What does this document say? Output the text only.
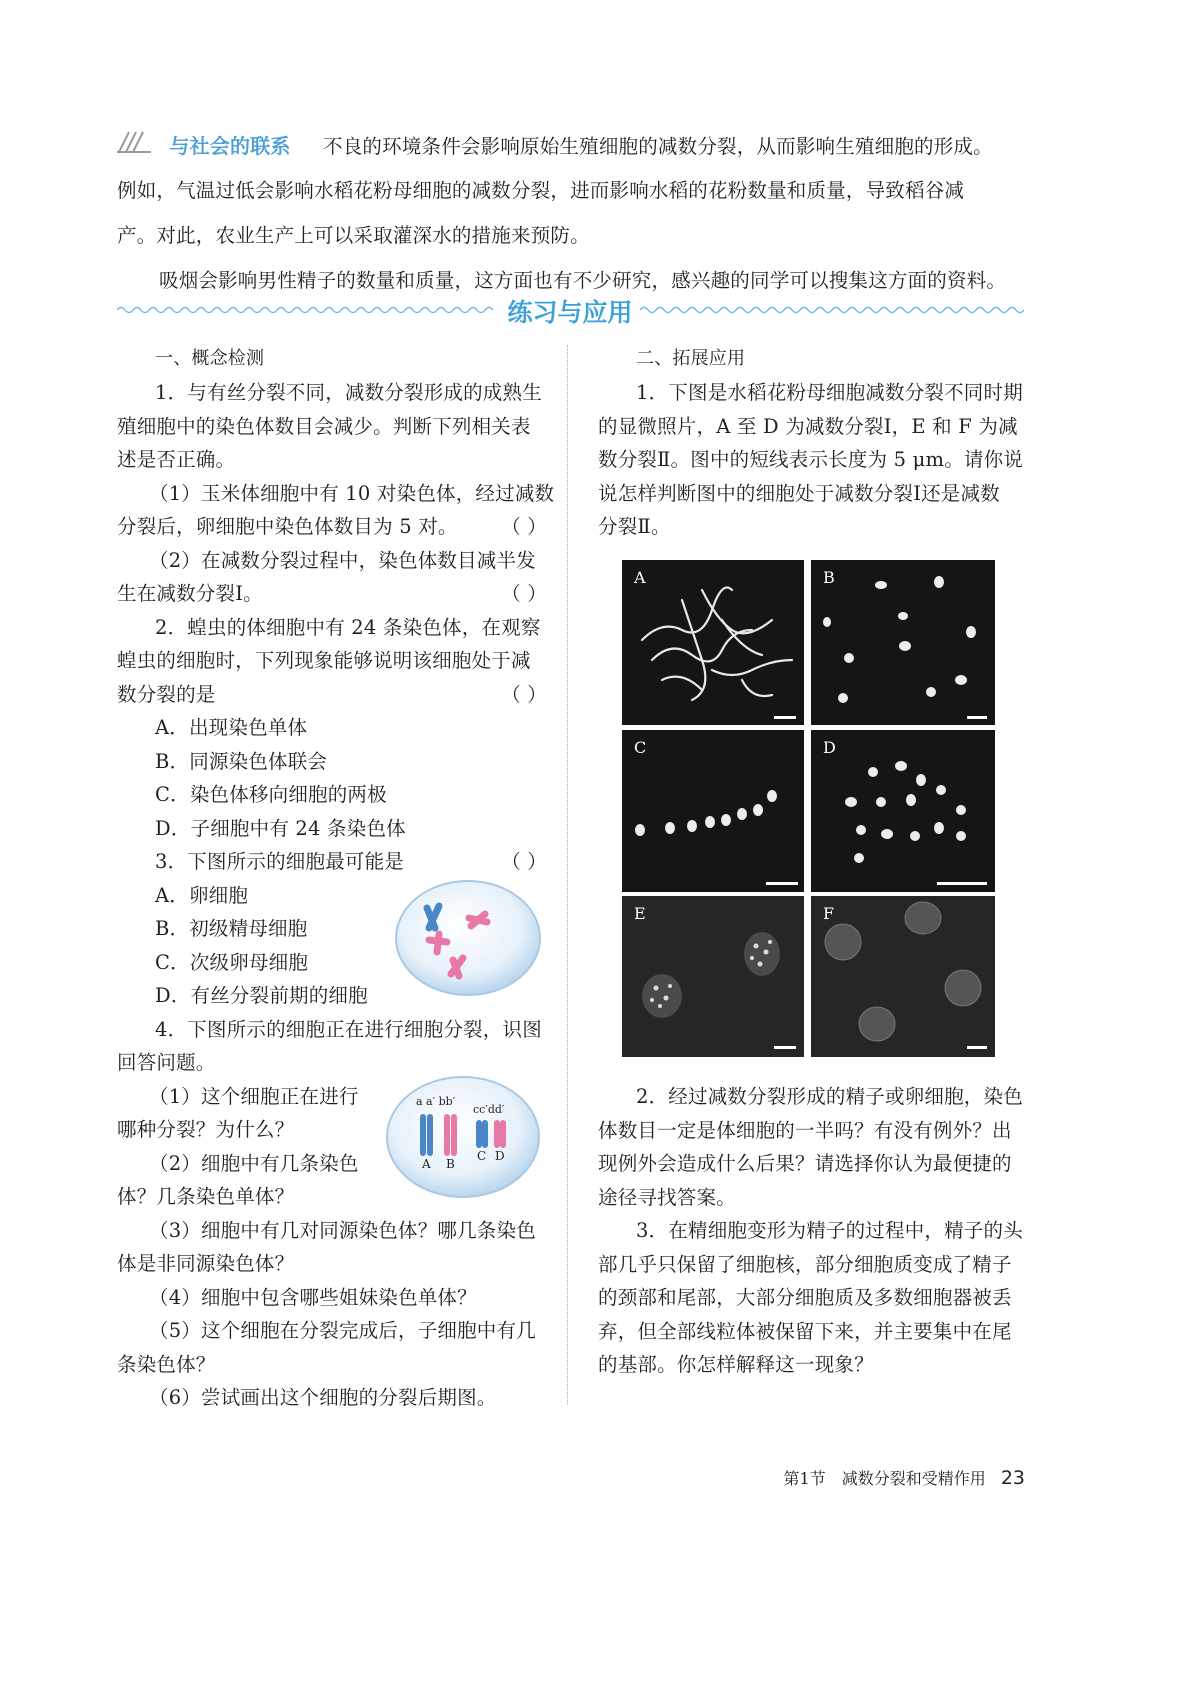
与社会的联系 不良的环境条件会影响原始生殖细胞的减数分裂，从而影响生殖细胞的形成。
例如，气温过低会影响水稻花粉母细胞的减数分裂，进而影响水稻的花粉数量和质量，导致稻谷减
产。对此，农业生产上可以采取灌深水的措施来预防。
吸烟会影响男性精子的数量和质量，这方面也有不少研究，感兴趣的同学可以搜集这方面的资料。
练习与应用
一、概念检测
1．与有丝分裂不同，减数分裂形成的成熟生
殖细胞中的染色体数目会减少。判断下列相关表
述是否正确。
（1）玉米体细胞中有 10 对染色体，经过减数
分裂后，卵细胞中染色体数目为 5 对。	（ ）
（2）在减数分裂过程中，染色体数目减半发
生在减数分裂Ⅰ。	（ ）
2．蝗虫的体细胞中有 24 条染色体，在观察
蝗虫的细胞时，下列现象能够说明该细胞处于减
数分裂的是	（ ）
A．出现染色单体
B．同源染色体联会
C．染色体移向细胞的两极
D．子细胞中有 24 条染色体
3．下图所示的细胞最可能是	（ ）
A．卵细胞
B．初级精母细胞
C．次级卵母细胞
D．有丝分裂前期的细胞
4．下图所示的细胞正在进行细胞分裂，识图
回答问题。
（1）这个细胞正在进行
哪种分裂？为什么？
（2）细胞中有几条染色
体？几条染色单体？
（3）细胞中有几对同源染色体？哪几条染色
体是非同源染色体？
（4）细胞中包含哪些姐妹染色单体？
（5）这个细胞在分裂完成后，子细胞中有几
条染色体？
（6）尝试画出这个细胞的分裂后期图。
a a′ bb′
cc′dd′
A B
C D
二、拓展应用
1．下图是水稻花粉母细胞减数分裂不同时期
的显微照片，A 至 D 为减数分裂Ⅰ，E 和 F 为减
数分裂Ⅱ。图中的短线表示长度为 5 μm。请你说
说怎样判断图中的细胞处于减数分裂Ⅰ还是减数
分裂Ⅱ。
A	B
C	D
E	F
2．经过减数分裂形成的精子或卵细胞，染色
体数目一定是体细胞的一半吗？有没有例外？出
现例外会造成什么后果？请选择你认为最便捷的
途径寻找答案。
3．在精细胞变形为精子的过程中，精子的头
部几乎只保留了细胞核，部分细胞质变成了精子
的颈部和尾部，大部分细胞质及多数细胞器被丢
弃，但全部线粒体被保留下来，并主要集中在尾
的基部。你怎样解释这一现象？
第1节　减数分裂和受精作用 23
